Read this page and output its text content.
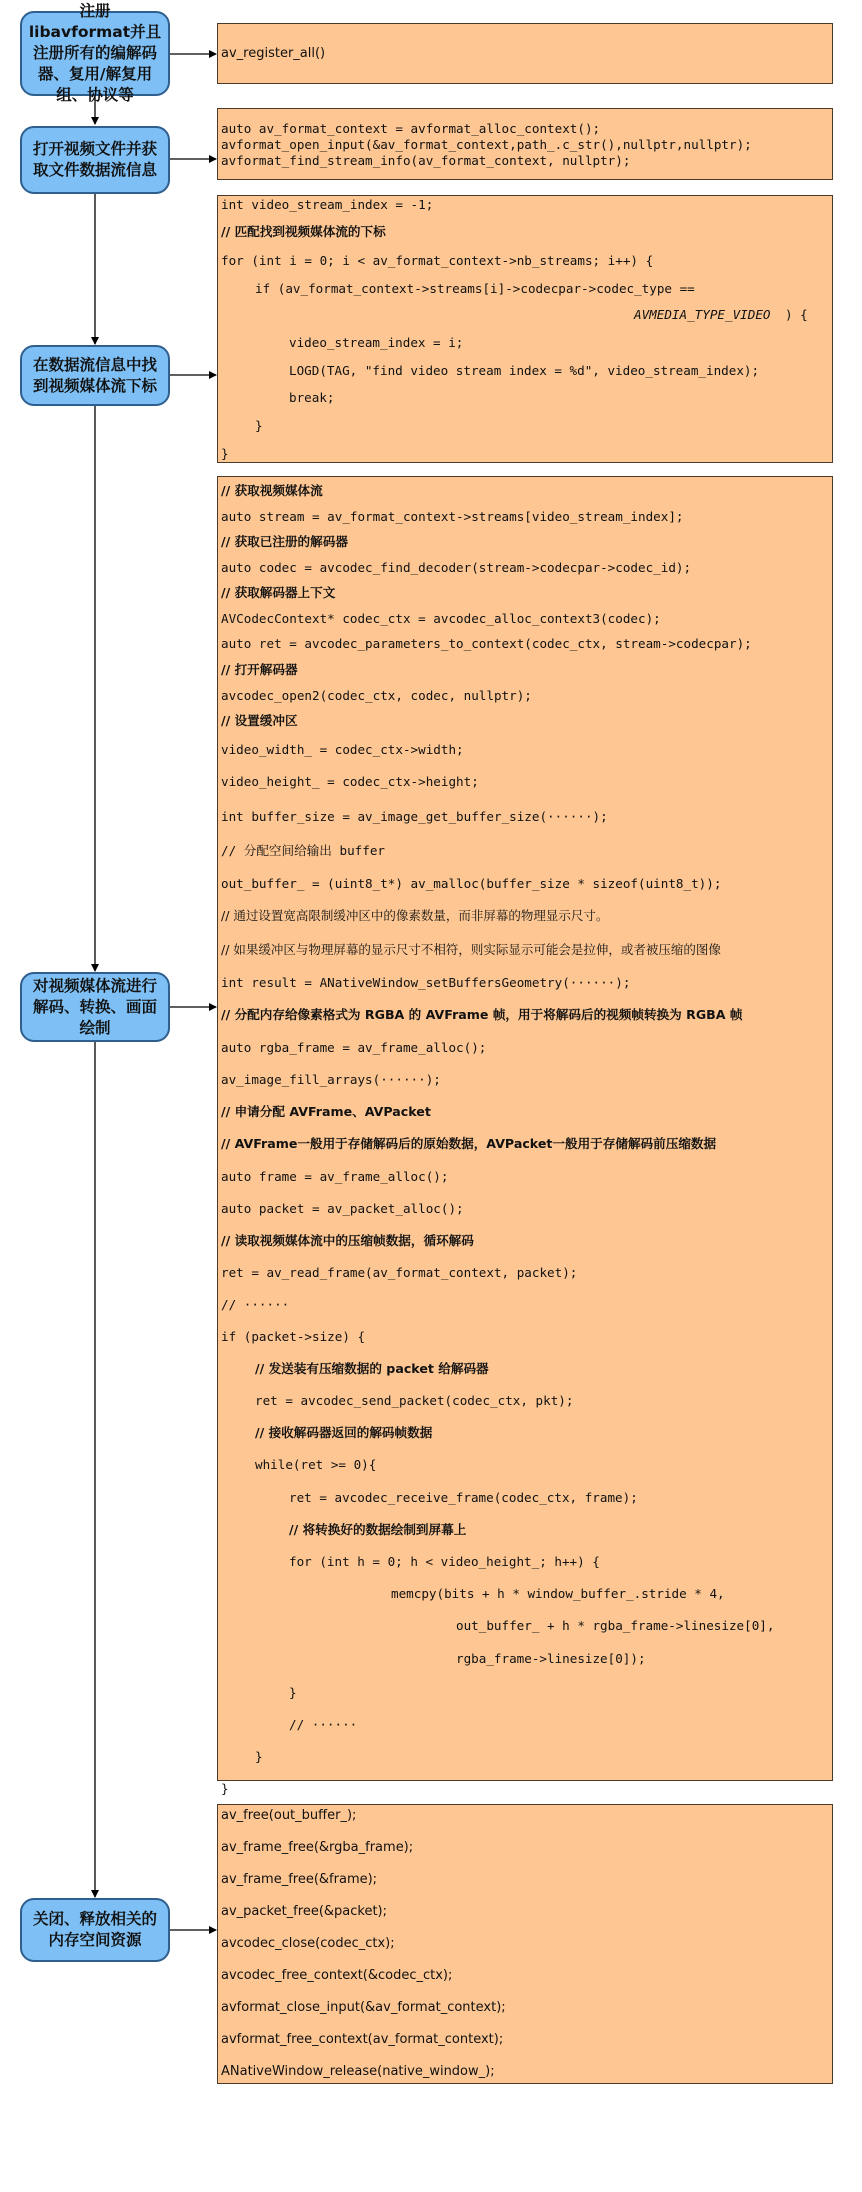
注册 libavformat并且注册所有的编解码器、复用/解复用组、协议等
打开视频文件并获取文件数据流信息
在数据流信息中找到视频媒体流下标
对视频媒体流进行解码、转换、画面绘制
关闭、释放相关的内存空间资源
av_register_all()
auto av_format_context = avformat_alloc_context();
avformat_open_input(&av_format_context,path_.c_str(),nullptr,nullptr);
avformat_find_stream_info(av_format_context, nullptr);
int video_stream_index = -1;
// 匹配找到视频媒体流的下标
for (int i = 0; i < av_format_context->nb_streams; i++) {
if (av_format_context->streams[i]->codecpar->codec_type ==
AVMEDIA_TYPE_VIDEO ) {
video_stream_index = i;
LOGD(TAG, "find video stream index = %d", video_stream_index);
break;
}
}
// 获取视频媒体流
auto stream = av_format_context->streams[video_stream_index];
// 获取已注册的解码器
auto codec = avcodec_find_decoder(stream->codecpar->codec_id);
// 获取解码器上下文
AVCodecContext* codec_ctx = avcodec_alloc_context3(codec);
auto ret = avcodec_parameters_to_context(codec_ctx, stream->codecpar);
// 打开解码器
avcodec_open2(codec_ctx, codec, nullptr);
// 设置缓冲区
video_width_ = codec_ctx->width;
video_height_ = codec_ctx->height;
int buffer_size = av_image_get_buffer_size(······);
// 分配空间给输出 buffer
out_buffer_ = (uint8_t*) av_malloc(buffer_size * sizeof(uint8_t));
// 通过设置宽高限制缓冲区中的像素数量，而非屏幕的物理显示尺寸。
// 如果缓冲区与物理屏幕的显示尺寸不相符，则实际显示可能会是拉伸，或者被压缩的图像
int result = ANativeWindow_setBuffersGeometry(······);
// 分配内存给像素格式为 RGBA 的 AVFrame 帧，用于将解码后的视频帧转换为 RGBA 帧
auto rgba_frame = av_frame_alloc();
av_image_fill_arrays(······);
// 申请分配 AVFrame、AVPacket
// AVFrame一般用于存储解码后的原始数据，AVPacket一般用于存储解码前压缩数据
auto frame = av_frame_alloc();
auto packet = av_packet_alloc();
// 读取视频媒体流中的压缩帧数据，循环解码
ret = av_read_frame(av_format_context, packet);
// ······
if (packet->size) {
// 发送装有压缩数据的 packet 给解码器
ret = avcodec_send_packet(codec_ctx, pkt);
// 接收解码器返回的解码帧数据
while(ret >= 0){
ret = avcodec_receive_frame(codec_ctx, frame);
// 将转换好的数据绘制到屏幕上
for (int h = 0; h < video_height_; h++) {
memcpy(bits + h * window_buffer_.stride * 4,
out_buffer_ + h * rgba_frame->linesize[0],
rgba_frame->linesize[0]);
}
// ······
}
}
av_free(out_buffer_);
av_frame_free(&rgba_frame);
av_frame_free(&frame);
av_packet_free(&packet);
avcodec_close(codec_ctx);
avcodec_free_context(&codec_ctx);
avformat_close_input(&av_format_context);
avformat_free_context(av_format_context);
ANativeWindow_release(native_window_);
